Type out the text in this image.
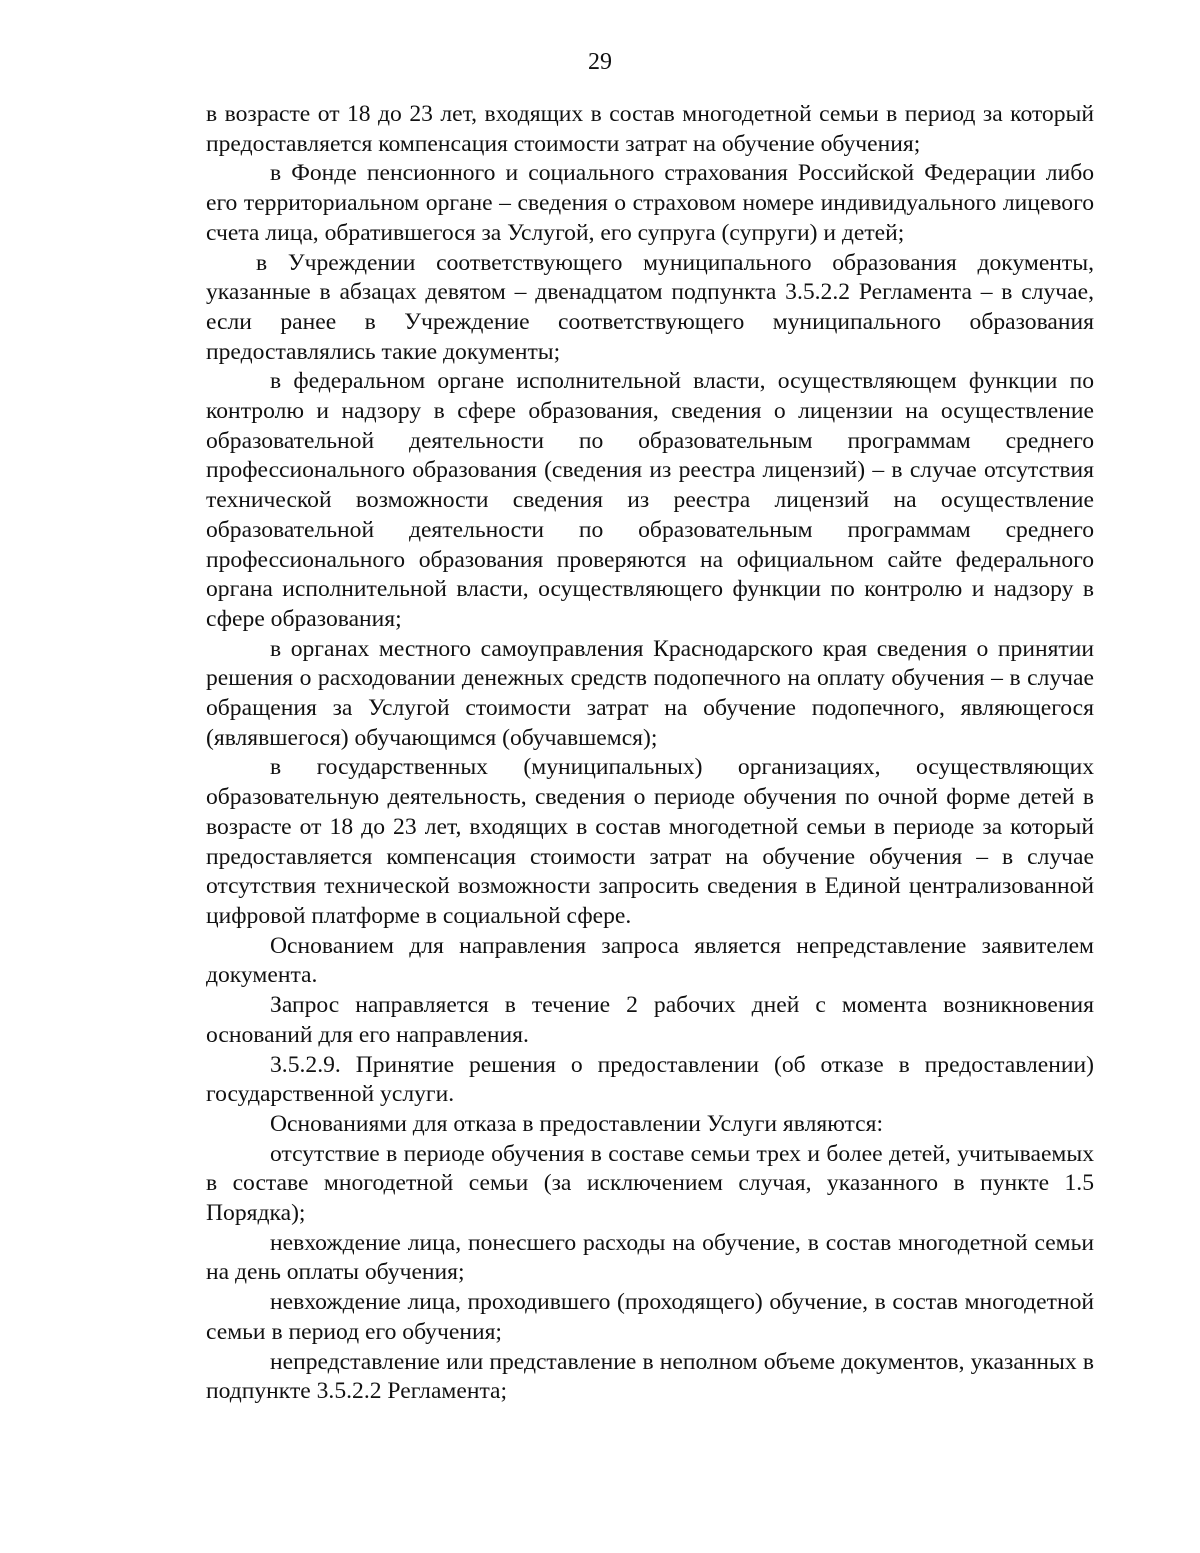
29

в возрасте от 18 до 23 лет, входящих в состав многодетной семьи в период за который предоставляется компенсация стоимости затрат на обучение обучения;

в Фонде пенсионного и социального страхования Российской Федерации либо его территориальном органе – сведения о страховом номере индивидуального лицевого счета лица, обратившегося за Услугой, его супруга (супруги) и детей;

в Учреждении соответствующего муниципального образования документы, указанные в абзацах девятом – двенадцатом подпункта 3.5.2.2 Регламента – в случае, если ранее в Учреждение соответствующего муниципального образования предоставлялись такие документы;

в федеральном органе исполнительной власти, осуществляющем функции по контролю и надзору в сфере образования, сведения о лицензии на осуществление образовательной деятельности по образовательным программам среднего профессионального образования (сведения из реестра лицензий) – в случае отсутствия технической возможности сведения из реестра лицензий на осуществление образовательной деятельности по образовательным программам среднего профессионального образования проверяются на официальном сайте федерального органа исполнительной власти, осуществляющего функции по контролю и надзору в сфере образования;

в органах местного самоуправления Краснодарского края сведения о принятии решения о расходовании денежных средств подопечного на оплату обучения – в случае обращения за Услугой стоимости затрат на обучение подопечного, являющегося (являвшегося) обучающимся (обучавшемся);

в государственных (муниципальных) организациях, осуществляющих образовательную деятельность, сведения о периоде обучения по очной форме детей в возрасте от 18 до 23 лет, входящих в состав многодетной семьи в периоде за который предоставляется компенсация стоимости затрат на обучение обучения – в случае отсутствия технической возможности запросить сведения в Единой централизованной цифровой платформе в социальной сфере.

Основанием для направления запроса является непредставление заявителем документа.

Запрос направляется в течение 2 рабочих дней с момента возникновения оснований для его направления.

3.5.2.9. Принятие решения о предоставлении (об отказе в предоставлении) государственной услуги.

Основаниями для отказа в предоставлении Услуги являются:

отсутствие в периоде обучения в составе семьи трех и более детей, учитываемых в составе многодетной семьи (за исключением случая, указанного в пункте 1.5 Порядка);

невхождение лица, понесшего расходы на обучение, в состав многодетной семьи на день оплаты обучения;

невхождение лица, проходившего (проходящего) обучение, в состав многодетной семьи в период его обучения;

непредставление или представление в неполном объеме документов, указанных в подпункте 3.5.2.2 Регламента;
